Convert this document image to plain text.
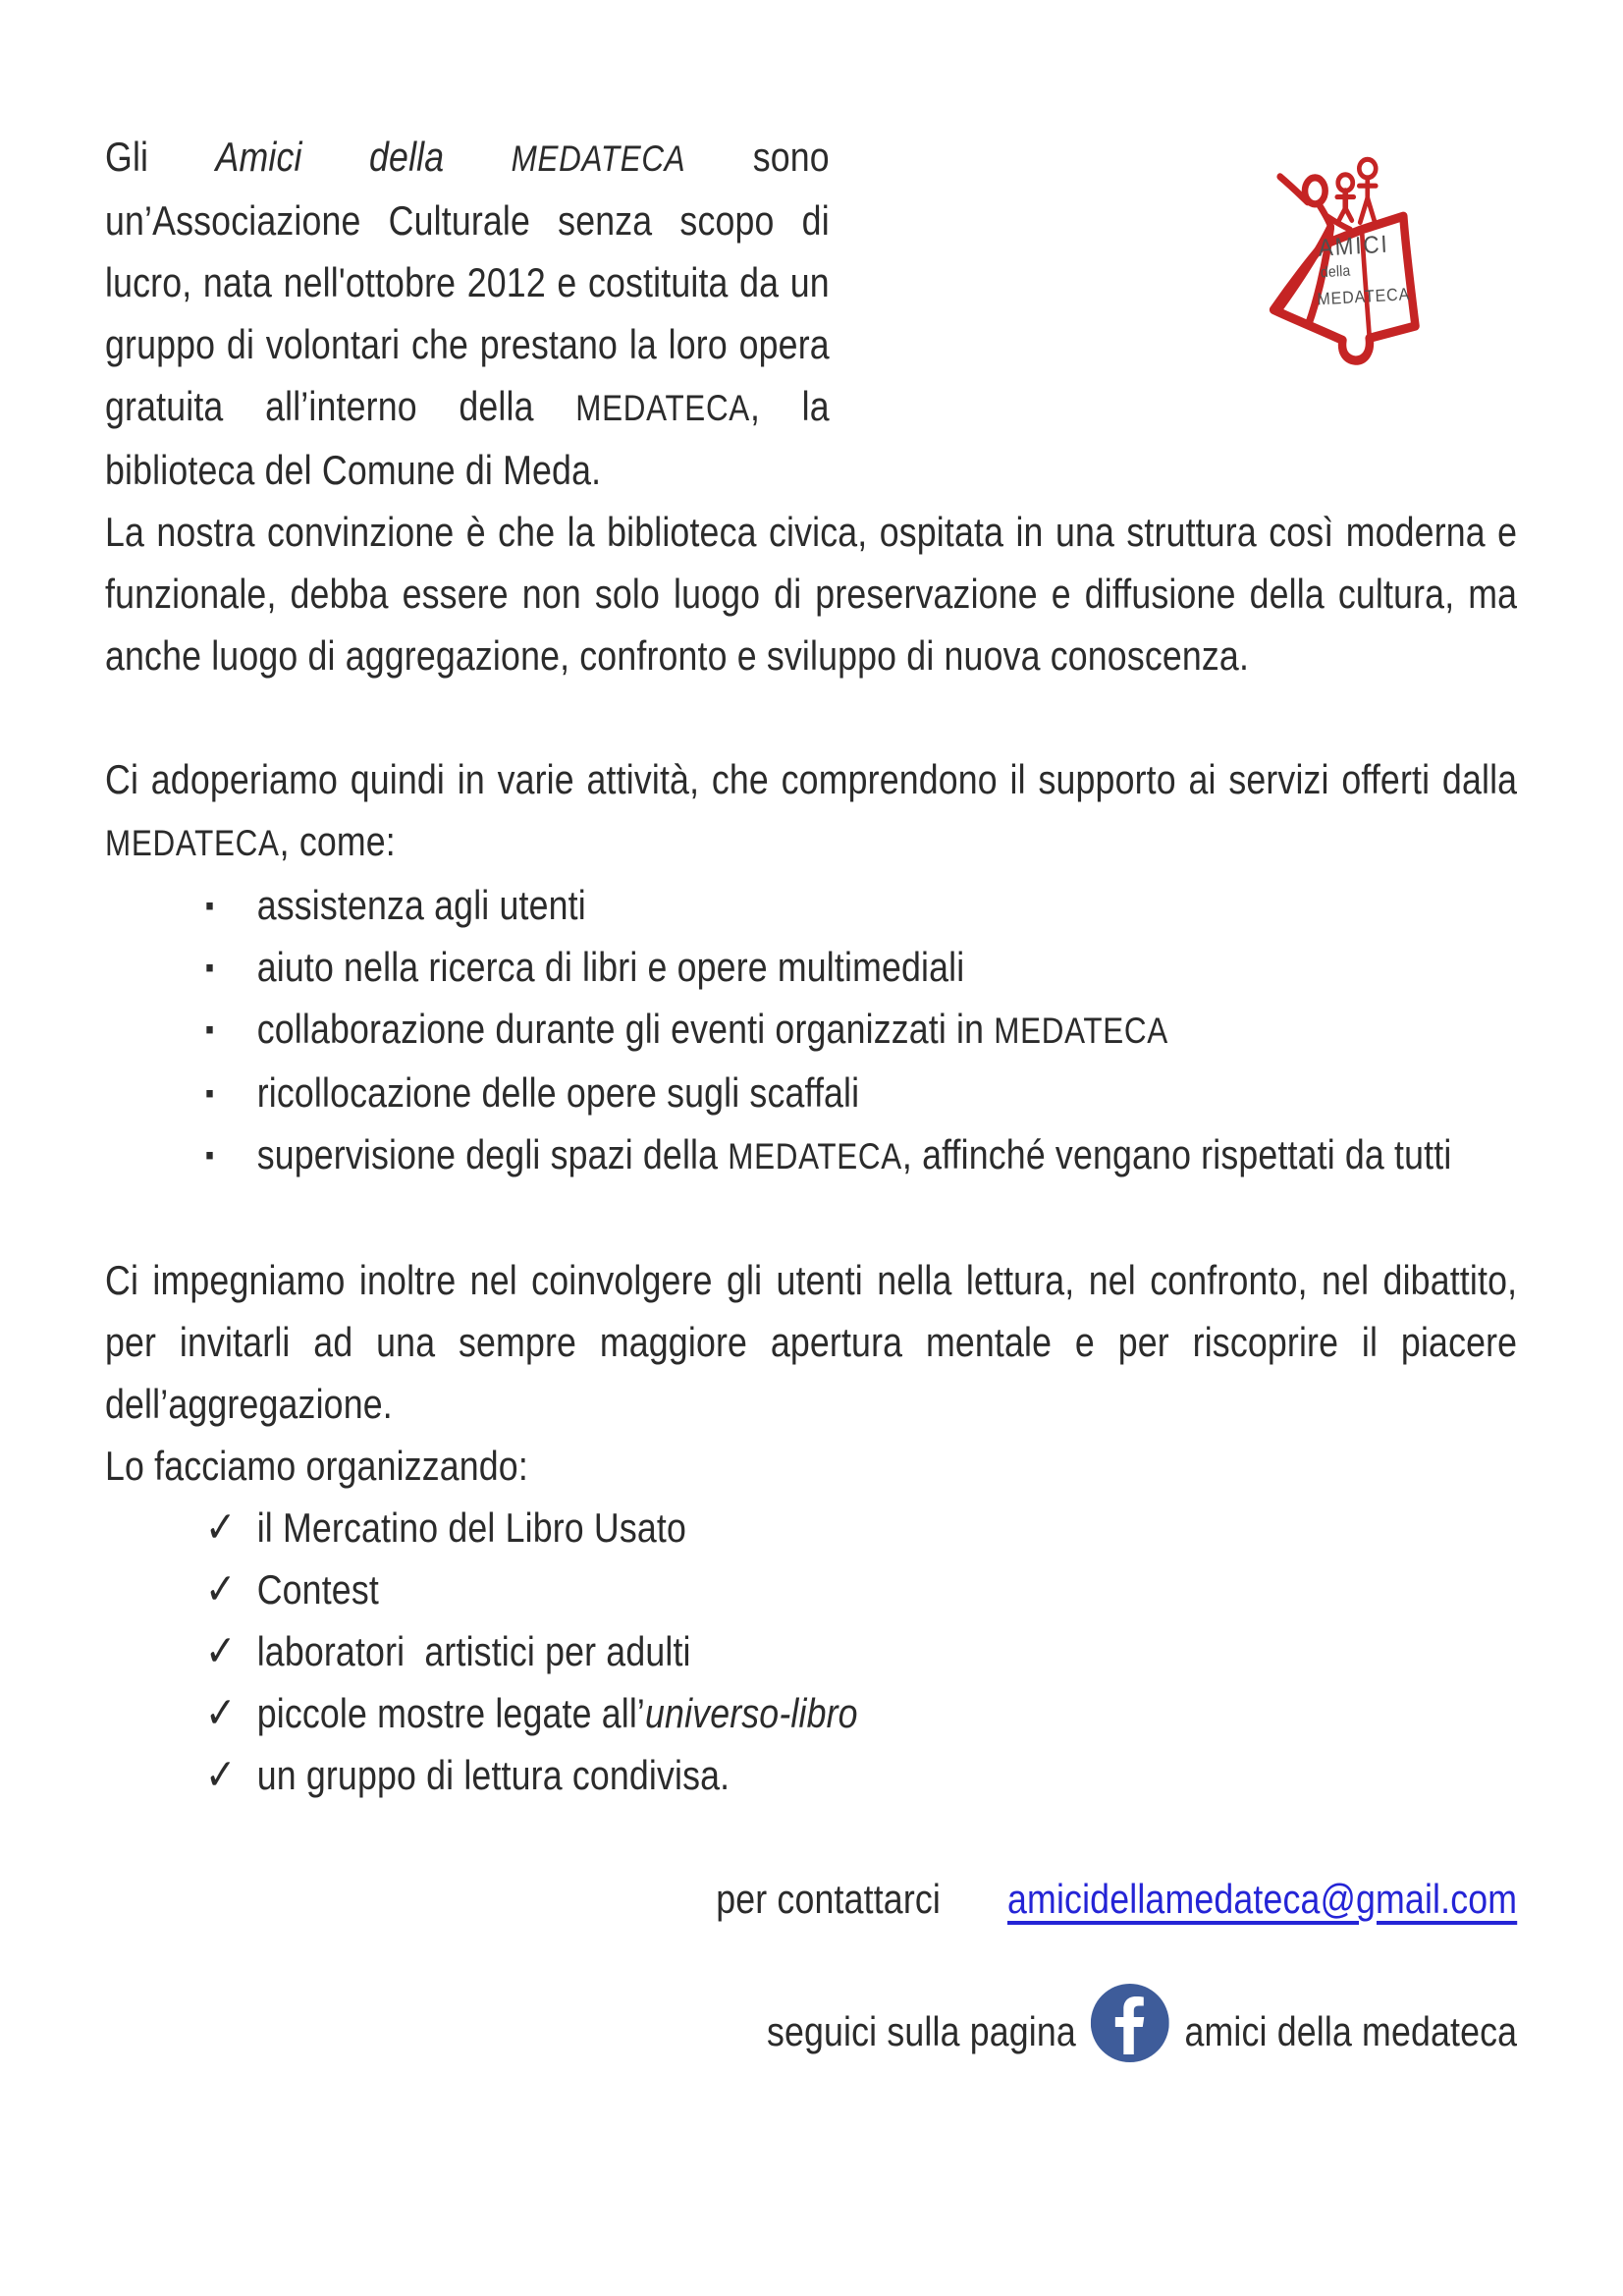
AMICI
della
MEDATECA
Gli Amici della MEDATECA sono un’Associazione Culturale senza scopo di lucro, nata nell'ottobre 2012 e costituita da un gruppo di volontari che prestano la loro opera gratuita all’interno della MEDATECA, la biblioteca del Comune di Meda.
La nostra convinzione è che la biblioteca civica, ospitata in una struttura così moderna e funzionale, debba essere non solo luogo di preservazione e diffusione della cultura, ma anche luogo di aggregazione, confronto e sviluppo di nuova conoscenza.
Ci adoperiamo quindi in varie attività, che comprendono il supporto ai servizi offerti dalla MEDATECA, come:
▪ assistenza agli utenti
▪ aiuto nella ricerca di libri e opere multimediali
▪ collaborazione durante gli eventi organizzati in MEDATECA
▪ ricollocazione delle opere sugli scaffali
▪ supervisione degli spazi della MEDATECA, affinché vengano rispettati da tutti
Ci impegniamo inoltre nel coinvolgere gli utenti nella lettura, nel confronto, nel dibattito, per invitarli ad una sempre maggiore apertura mentale e per riscoprire il piacere dell’aggregazione.
Lo facciamo organizzando:
✓ il Mercatino del Libro Usato
✓ Contest
✓ laboratori  artistici per adulti
✓ piccole mostre legate all’universo-libro
✓ un gruppo di lettura condivisa.
per contattarci amicidellamedateca@gmail.com
seguici sulla pagina	amici della medateca
